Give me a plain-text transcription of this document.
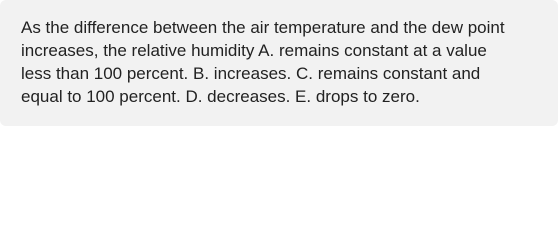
As the difference between the air temperature and the dew point
increases, the relative humidity A. remains constant at a value
less than 100 percent. B. increases. C. remains constant and
equal to 100 percent. D. decreases. E. drops to zero.
